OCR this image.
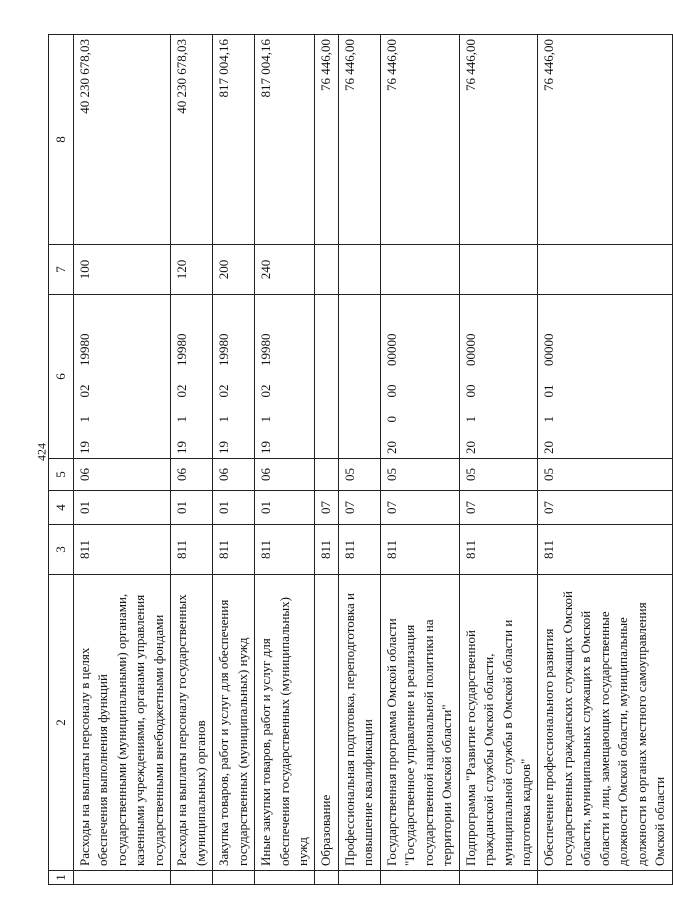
424
1	2	3	4	5	6	7	8
	Расходы на выплаты персоналу в целях обеспечения выполнения функций государственными (муниципальными) органами, казенными учреждениями, органами управления государственными внебюджетными фондами	811	01	06	19  1  02  19980	100	40 230 678,03
	Расходы на выплаты персоналу государственных (муниципальных) органов	811	01	06	19  1  02  19980	120	40 230 678,03
	Закупка товаров, работ и услуг для обеспечения государственных (муниципальных) нужд	811	01	06	19  1  02  19980	200	817 004,16
	Иные закупки товаров, работ и услуг для обеспечения государственных (муниципальных) нужд	811	01	06	19  1  02  19980	240	817 004,16
	Образование	811	07				76 446,00
	Профессиональная подготовка, переподготовка и повышение квалификации	811	07	05			76 446,00
	Государственная программа Омской области "Государственное управление и реализация государственной национальной политики на территории Омской области"	811	07	05	20  0  00  00000		76 446,00
	Подпрограмма "Развитие государственной гражданской службы Омской области, муниципальной службы в Омской области и подготовка кадров"	811	07	05	20  1  00  00000		76 446,00
	Обеспечение профессионального развития государственных гражданских служащих Омской области, муниципальных служащих в Омской области и лиц, замещающих государственные должности Омской области, муниципальные должности в органах местного самоуправления Омской области	811	07	05	20  1  01  00000		76 446,00
